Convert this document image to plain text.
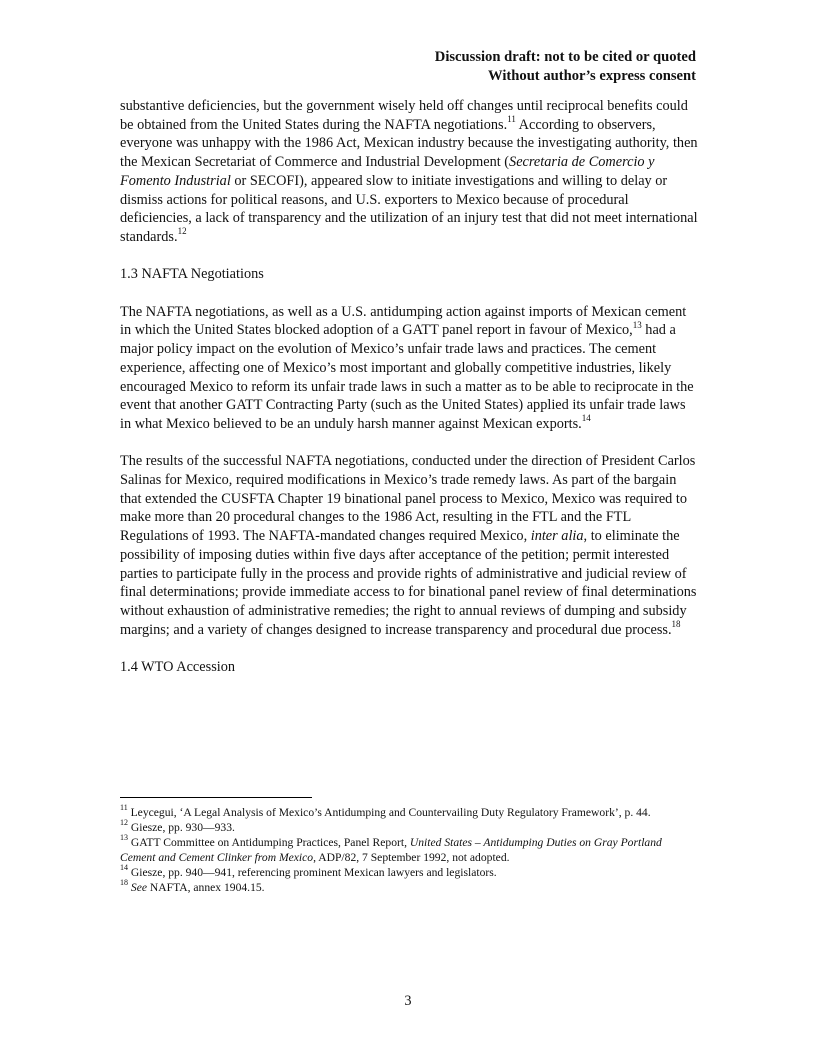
Discussion draft: not to be cited or quoted
Without author’s express consent

substantive deficiencies, but the government wisely held off changes until reciprocal benefits could be obtained from the United States during the NAFTA negotiations.$^{11}$ According to observers, everyone was unhappy with the 1986 Act, Mexican industry because the investigating authority, then the Mexican Secretariat of Commerce and Industrial Development (Secretaria de Comercio y Fomento Industrial or SECOFI), appeared slow to initiate investigations and willing to delay or dismiss actions for political reasons, and U.S. exporters to Mexico because of procedural deficiencies, a lack of transparency and the utilization of an injury test that did not meet international standards.$^{12}$

1.3 NAFTA Negotiations

The NAFTA negotiations, as well as a U.S. antidumping action against imports of Mexican cement in which the United States blocked adoption of a GATT panel report in favour of Mexico,$^{13}$ had a major policy impact on the evolution of Mexico’s unfair trade laws and practices. The cement experience, affecting one of Mexico’s most important and globally competitive industries, likely encouraged Mexico to reform its unfair trade laws in such a matter as to be able to reciprocate in the event that another GATT Contracting Party (such as the United States) applied its unfair trade laws in what Mexico believed to be an unduly harsh manner against Mexican exports.$^{14}$

The results of the successful NAFTA negotiations, conducted under the direction of President Carlos Salinas for Mexico, required modifications in Mexico’s trade remedy laws. As part of the bargain that extended the CUSFTA Chapter 19 binational panel process to Mexico, Mexico was required to make more than 20 procedural changes to the 1986 Act, resulting in the FTL and the FTL Regulations of 1993. The NAFTA-mandated changes required Mexico, inter alia, to eliminate the possibility of imposing duties within five days after acceptance of the petition; permit interested parties to participate fully in the process and provide rights of administrative and judicial review of final determinations; provide immediate access to for binational panel review of final determinations without exhaustion of administrative remedies; the right to annual reviews of dumping and subsidy margins; and a variety of changes designed to increase transparency and procedural due process.$^{18}$

1.4 WTO Accession

$^{11}$ Leycegui, ‘A Legal Analysis of Mexico’s Antidumping and Countervailing Duty Regulatory Framework’, p. 44.

$^{12}$ Giesze, pp. 930—933.

$^{13}$ GATT Committee on Antidumping Practices, Panel Report, United States – Antidumping Duties on Gray Portland Cement and Cement Clinker from Mexico, ADP/82, 7 September 1992, not adopted.

$^{14}$ Giesze, pp. 940—941, referencing prominent Mexican lawyers and legislators.

$^{18}$ See NAFTA, annex 1904.15.

3
